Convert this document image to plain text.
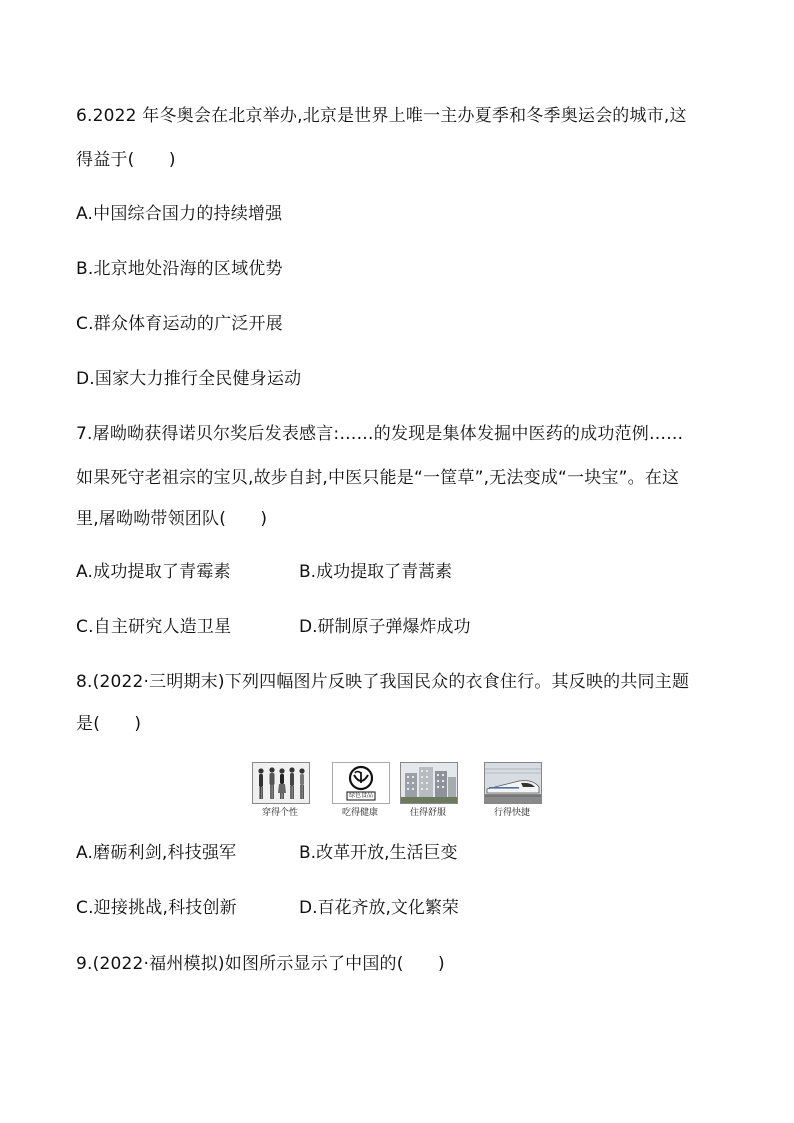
6.2022 年冬奥会在北京举办,北京是世界上唯一主办夏季和冬季奥运会的城市,这
得益于(　　)
A.中国综合国力的持续增强
B.北京地处沿海的区域优势
C.群众体育运动的广泛开展
D.国家大力推行全民健身运动
7.屠呦呦获得诺贝尔奖后发表感言:……的发现是集体发掘中医药的成功范例……
如果死守老祖宗的宝贝,故步自封,中医只能是“一筐草”,无法变成“一块宝”。在这
里,屠呦呦带领团队(　　)
A.成功提取了青霉素	B.成功提取了青蒿素
C.自主研究人造卫星	D.研制原子弹爆炸成功
8.(2022·三明期末)下列四幅图片反映了我国民众的衣食住行。其反映的共同主题
是(　　)
穿得个性
绿色食品
吃得健康	住得舒服	行得快捷
A.磨砺利剑,科技强军	B.改革开放,生活巨变
C.迎接挑战,科技创新	D.百花齐放,文化繁荣
9.(2022·福州模拟)如图所示显示了中国的(　　)
